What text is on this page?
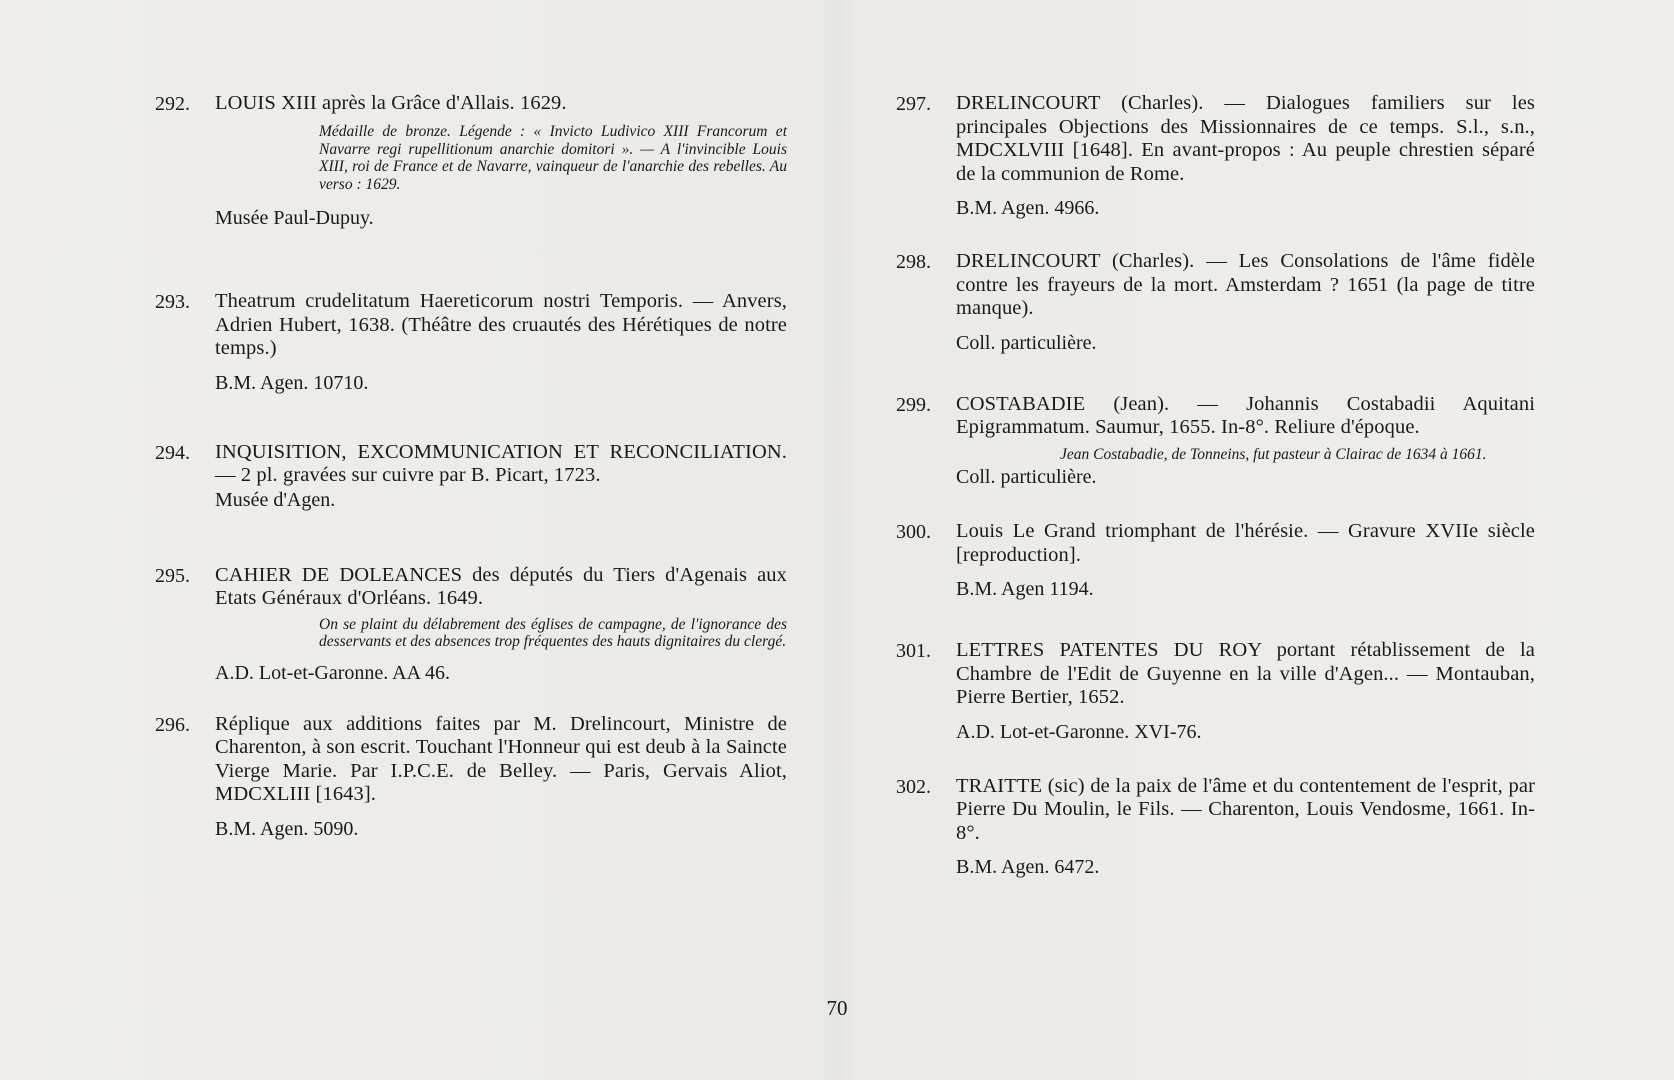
292.	LOUIS XIII après la Grâce d'Allais. 1629.
Médaille de bronze. Légende : « Invicto Ludivico XIII Francorum et Navarre regi rupellitionum anarchie domitori ». — A l'invincible Louis XIII, roi de France et de Navarre, vainqueur de l'anarchie des rebelles. Au verso : 1629.
Musée Paul-Dupuy.
293.	Theatrum crudelitatum Haereticorum nostri Temporis. — Anvers, Adrien Hubert, 1638. (Théâtre des cruautés des Hérétiques de notre temps.)
B.M. Agen. 10710.
294.	INQUISITION, EXCOMMUNICATION ET RECONCILIATION. — 2 pl. gravées sur cuivre par B. Picart, 1723.
Musée d'Agen.
295.	CAHIER DE DOLEANCES des députés du Tiers d'Agenais aux Etats Généraux d'Orléans. 1649.
On se plaint du délabrement des églises de campagne, de l'ignorance des desservants et des absences trop fréquentes des hauts dignitaires du clergé.
A.D. Lot-et-Garonne. AA 46.
296.	Réplique aux additions faites par M. Drelincourt, Ministre de Charenton, à son escrit. Touchant l'Honneur qui est deub à la Saincte Vierge Marie. Par I.P.C.E. de Belley. — Paris, Gervais Aliot, MDCXLIII [1643].
B.M. Agen. 5090.
297.	DRELINCOURT (Charles). — Dialogues familiers sur les principales Objections des Missionnaires de ce temps. S.l., s.n., MDCXLVIII [1648]. En avant-propos : Au peuple chrestien séparé de la communion de Rome.
B.M. Agen. 4966.
298.	DRELINCOURT (Charles). — Les Consolations de l'âme fidèle contre les frayeurs de la mort. Amsterdam ? 1651 (la page de titre manque).
Coll. particulière.
299.	COSTABADIE (Jean). — Johannis Costabadii Aquitani Epigrammatum. Saumur, 1655. In-8°. Reliure d'époque.
Jean Costabadie, de Tonneins, fut pasteur à Clairac de 1634 à 1661.
Coll. particulière.
300.	Louis Le Grand triomphant de l'hérésie. — Gravure XVIIe siècle [reproduction].
B.M. Agen 1194.
301.	LETTRES PATENTES DU ROY portant rétablissement de la Chambre de l'Edit de Guyenne en la ville d'Agen... — Montauban, Pierre Bertier, 1652.
A.D. Lot-et-Garonne. XVI-76.
302.	TRAITTE (sic) de la paix de l'âme et du contentement de l'esprit, par Pierre Du Moulin, le Fils. — Charenton, Louis Vendosme, 1661. In-8°.
B.M. Agen. 6472.
70
